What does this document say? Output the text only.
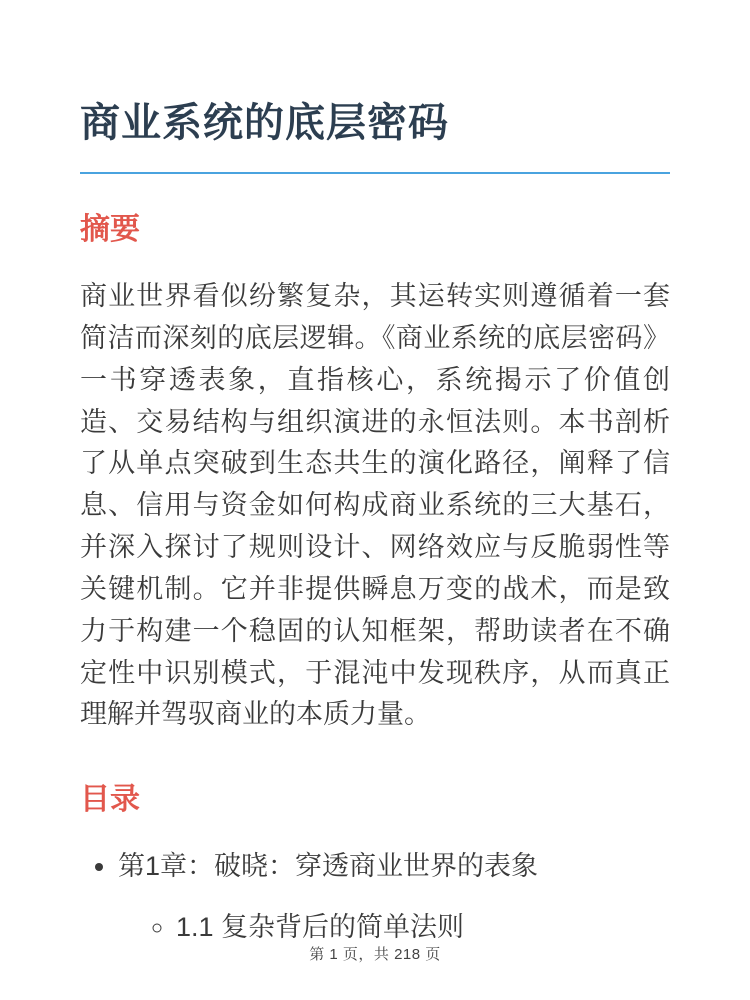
商业系统的底层密码
摘要

商业世界看似纷繁复杂，其运转实则遵循着一套简洁而深刻的底层逻辑。《商业系统的底层密码》一书穿透表象，直指核心，系统揭示了价值创造、交易结构与组织演进的永恒法则。本书剖析了从单点突破到生态共生的演化路径，阐释了信息、信用与资金如何构成商业系统的三大基石，并深入探讨了规则设计、网络效应与反脆弱性等关键机制。它并非提供瞬息万变的战术，而是致力于构建一个稳固的认知框架，帮助读者在不确定性中识别模式，于混沌中发现秩序，从而真正理解并驾驭商业的本质力量。

目录
• 第1章：破晓：穿透商业世界的表象
◦ 1.1 复杂背后的简单法则
第 1 页，共 218 页
